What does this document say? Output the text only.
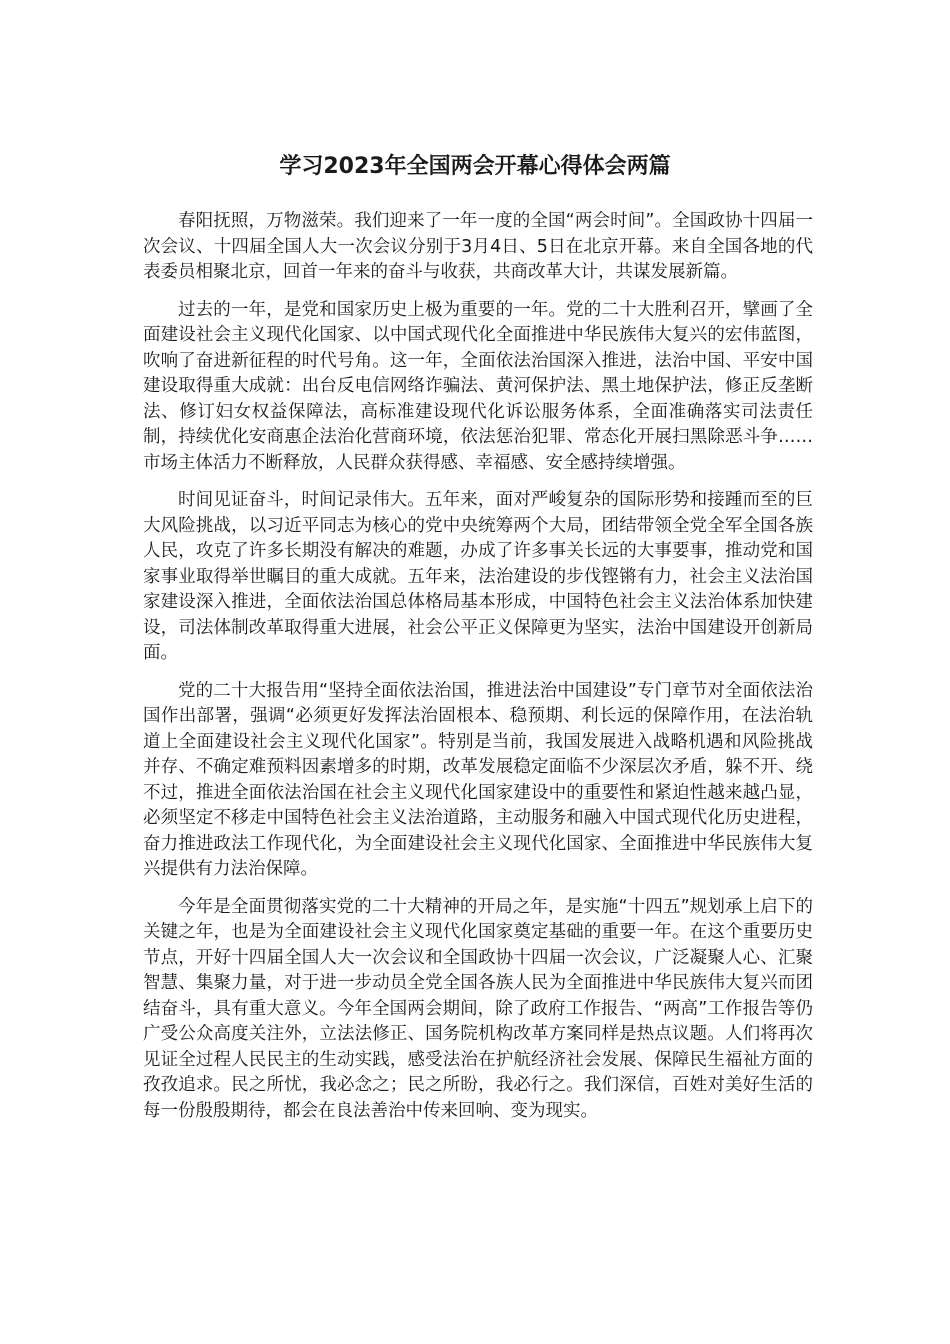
学习2023年全国两会开幕心得体会两篇

春阳抚照，万物滋荣。我们迎来了一年一度的全国“两会时间”。全国政协十四届一次会议、十四届全国人大一次会议分别于3月4日、5日在北京开幕。来自全国各地的代表委员相聚北京，回首一年来的奋斗与收获，共商改革大计，共谋发展新篇。

过去的一年，是党和国家历史上极为重要的一年。党的二十大胜利召开，擘画了全面建设社会主义现代化国家、以中国式现代化全面推进中华民族伟大复兴的宏伟蓝图，吹响了奋进新征程的时代号角。这一年，全面依法治国深入推进，法治中国、平安中国建设取得重大成就：出台反电信网络诈骗法、黄河保护法、黑土地保护法，修正反垄断法、修订妇女权益保障法，高标准建设现代化诉讼服务体系，全面准确落实司法责任制，持续优化安商惠企法治化营商环境，依法惩治犯罪、常态化开展扫黑除恶斗争……市场主体活力不断释放，人民群众获得感、幸福感、安全感持续增强。

时间见证奋斗，时间记录伟大。五年来，面对严峻复杂的国际形势和接踵而至的巨大风险挑战，以习近平同志为核心的党中央统筹两个大局，团结带领全党全军全国各族人民，攻克了许多长期没有解决的难题，办成了许多事关长远的大事要事，推动党和国家事业取得举世瞩目的重大成就。五年来，法治建设的步伐铿锵有力，社会主义法治国家建设深入推进，全面依法治国总体格局基本形成，中国特色社会主义法治体系加快建设，司法体制改革取得重大进展，社会公平正义保障更为坚实，法治中国建设开创新局面。

党的二十大报告用“坚持全面依法治国，推进法治中国建设”专门章节对全面依法治国作出部署，强调“必须更好发挥法治固根本、稳预期、利长远的保障作用，在法治轨道上全面建设社会主义现代化国家”。特别是当前，我国发展进入战略机遇和风险挑战并存、不确定难预料因素增多的时期，改革发展稳定面临不少深层次矛盾，躲不开、绕不过，推进全面依法治国在社会主义现代化国家建设中的重要性和紧迫性越来越凸显，必须坚定不移走中国特色社会主义法治道路，主动服务和融入中国式现代化历史进程，奋力推进政法工作现代化，为全面建设社会主义现代化国家、全面推进中华民族伟大复兴提供有力法治保障。

今年是全面贯彻落实党的二十大精神的开局之年，是实施“十四五”规划承上启下的关键之年，也是为全面建设社会主义现代化国家奠定基础的重要一年。在这个重要历史节点，开好十四届全国人大一次会议和全国政协十四届一次会议，广泛凝聚人心、汇聚智慧、集聚力量，对于进一步动员全党全国各族人民为全面推进中华民族伟大复兴而团结奋斗，具有重大意义。今年全国两会期间，除了政府工作报告、“两高”工作报告等仍广受公众高度关注外，立法法修正、国务院机构改革方案同样是热点议题。人们将再次见证全过程人民民主的生动实践，感受法治在护航经济社会发展、保障民生福祉方面的孜孜追求。民之所忧，我必念之；民之所盼，我必行之。我们深信，百姓对美好生活的每一份殷殷期待，都会在良法善治中传来回响、变为现实。
